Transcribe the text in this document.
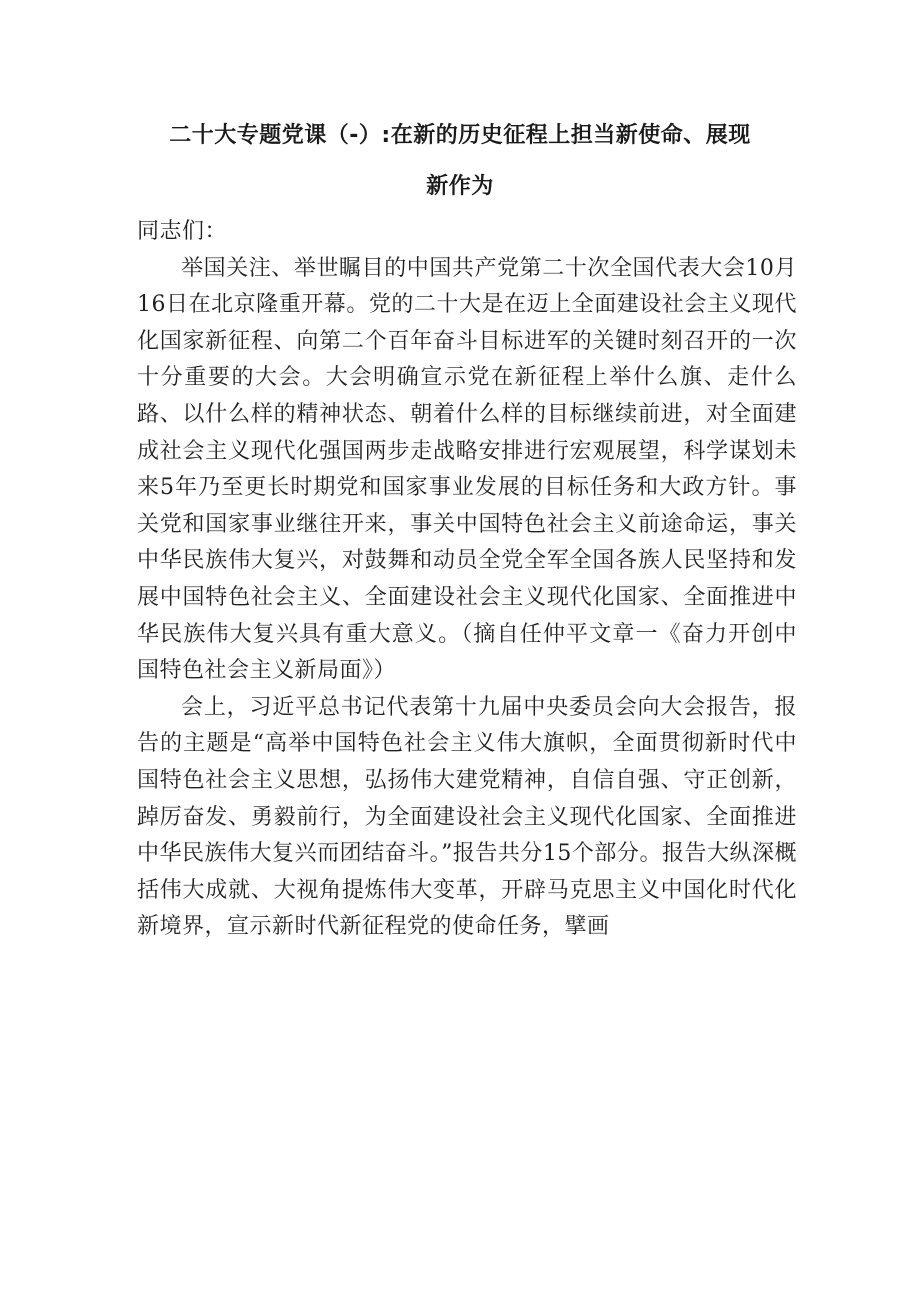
二十大专题党课（-）:在新的历史征程上担当新使命、展现
新作为

同志们：

举国关注、举世瞩目的中国共产党第二十次全国代表大会10月16日在北京隆重开幕。党的二十大是在迈上全面建设社会主义现代化国家新征程、向第二个百年奋斗目标进军的关键时刻召开的一次十分重要的大会。大会明确宣示党在新征程上举什么旗、走什么路、以什么样的精神状态、朝着什么样的目标继续前进，对全面建成社会主义现代化强国两步走战略安排进行宏观展望，科学谋划未来5年乃至更长时期党和国家事业发展的目标任务和大政方针。事关党和国家事业继往开来，事关中国特色社会主义前途命运，事关中华民族伟大复兴，对鼓舞和动员全党全军全国各族人民坚持和发展中国特色社会主义、全面建设社会主义现代化国家、全面推进中华民族伟大复兴具有重大意义。（摘自任仲平文章一《奋力开创中国特色社会主义新局面》）

会上，习近平总书记代表第十九届中央委员会向大会报告，报告的主题是“高举中国特色社会主义伟大旗帜，全面贯彻新时代中国特色社会主义思想，弘扬伟大建党精神，自信自强、守正创新，踔厉奋发、勇毅前行，为全面建设社会主义现代化国家、全面推进中华民族伟大复兴而团结奋斗。”报告共分15个部分。报告大纵深概括伟大成就、大视角提炼伟大变革，开辟马克思主义中国化时代化新境界，宣示新时代新征程党的使命任务，擘画
